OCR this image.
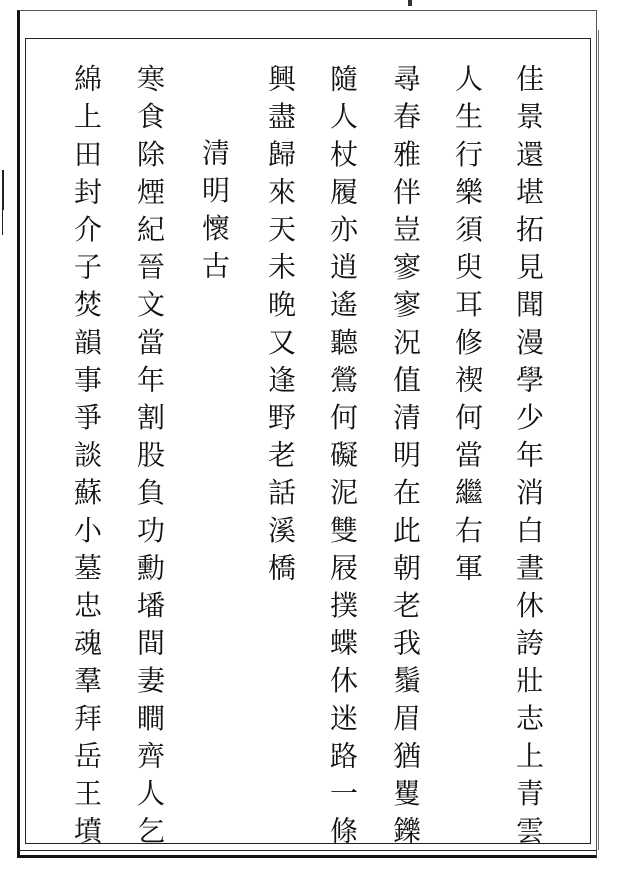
佳景還堪拓見聞漫學少年消白晝休誇壯志上青雲
人生行樂須臾耳修禊何當繼右軍
尋春雅伴豈寥寥況值清明在此朝老我鬚眉猶矍鑠
隨人杖履亦逍遙聽鶯何礙泥雙屐撲蝶休迷路一條
興盡歸來天未晚又逢野老話溪橋
清明懷古
寒食除煙紀晉文當年割股負功勳墦間妻瞷齊人乞
綿上田封介子焚韻事爭談蘇小墓忠魂羣拜岳王墳
